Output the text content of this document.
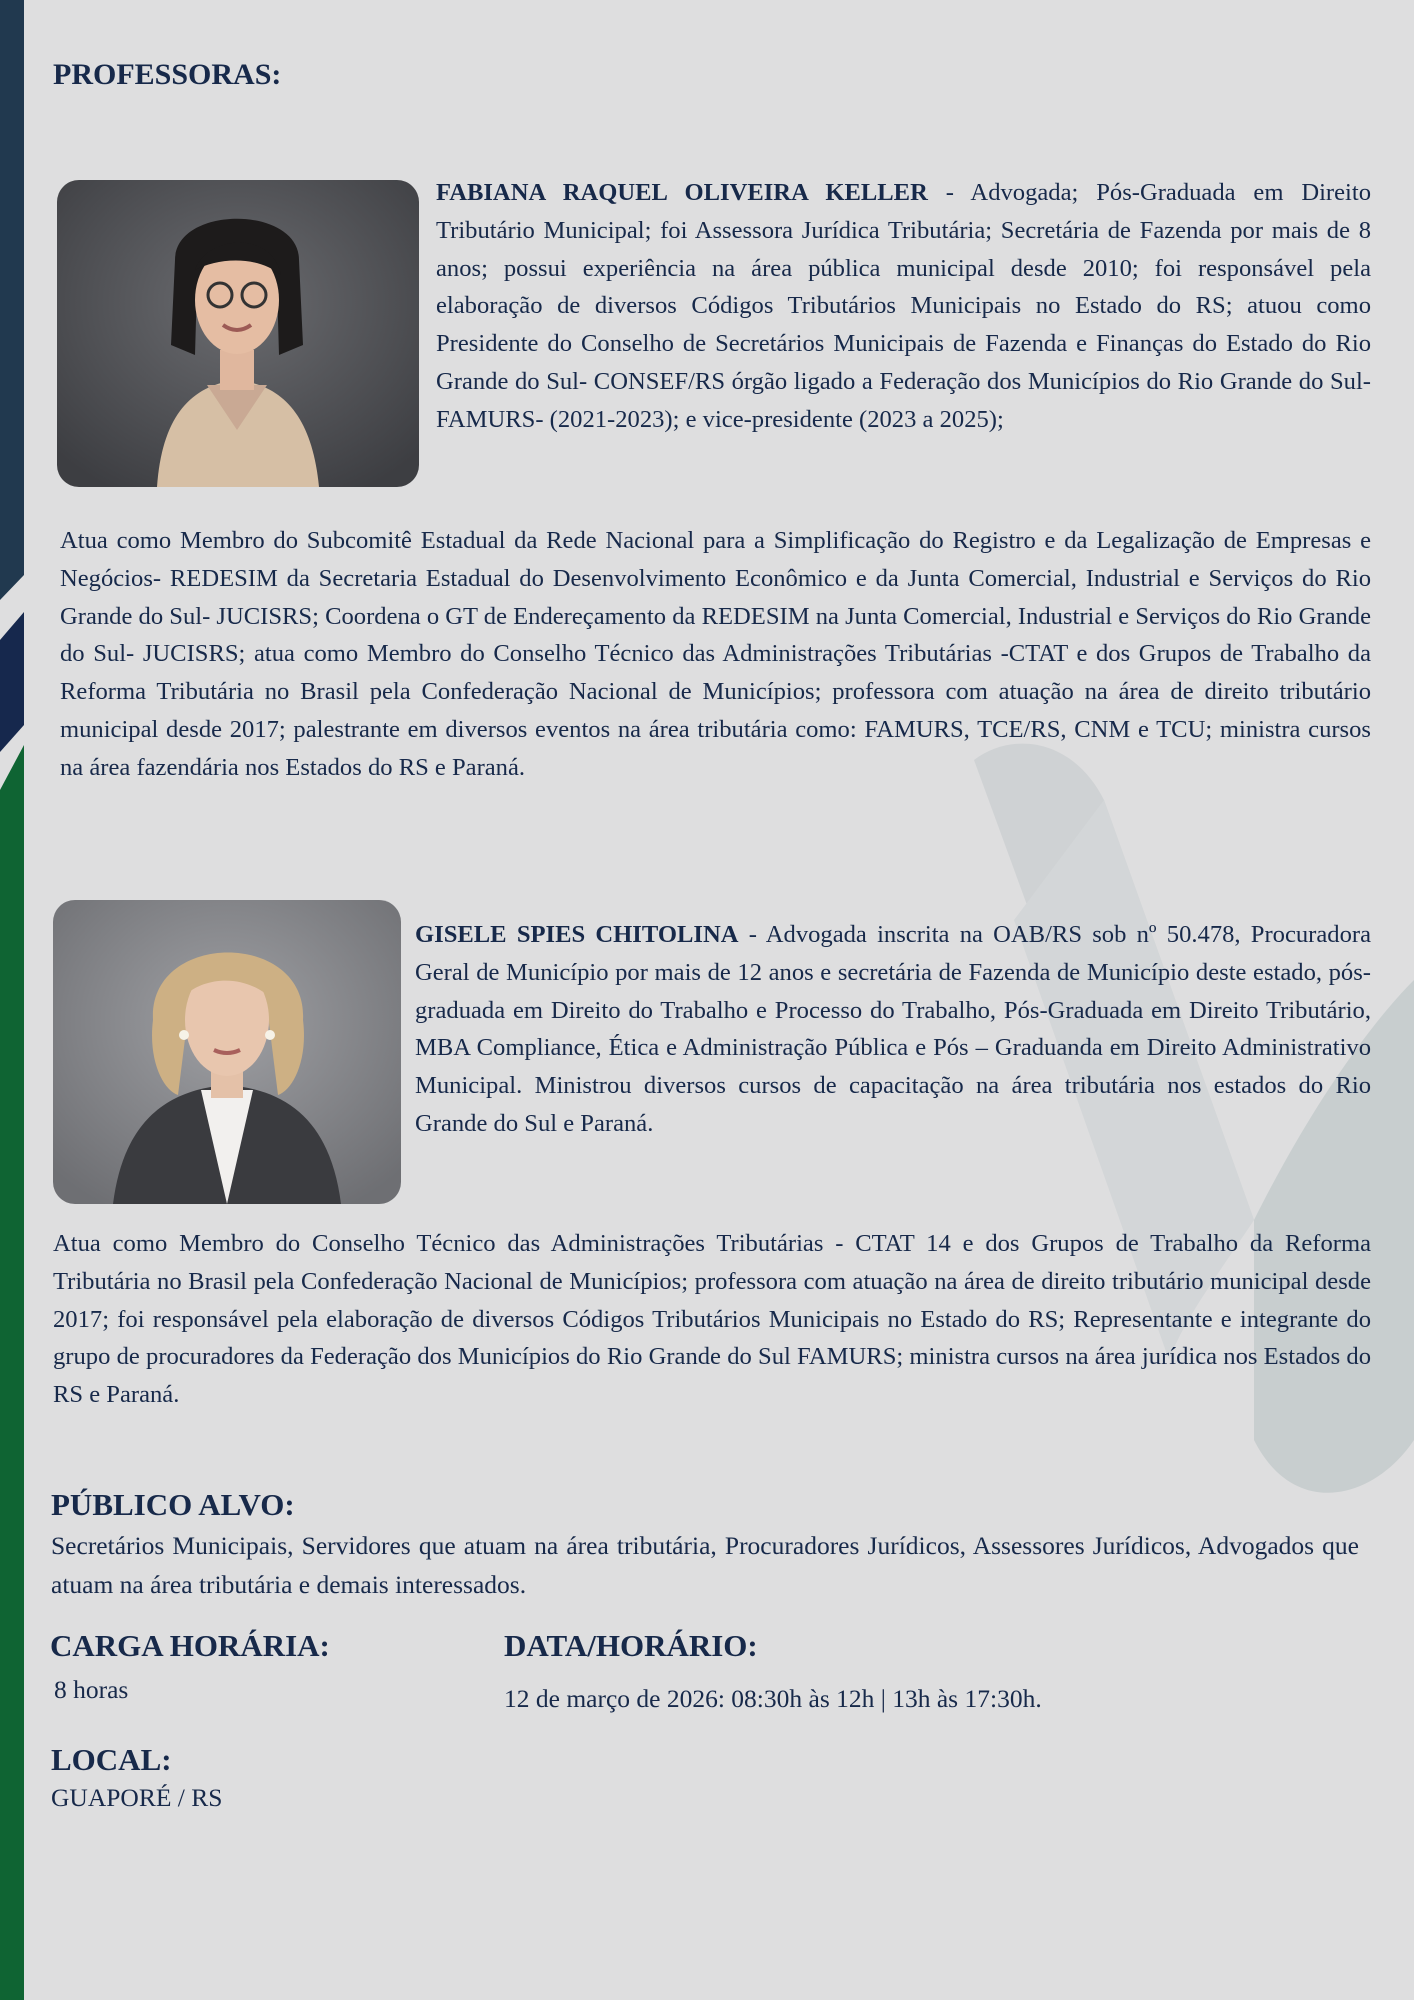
PROFESSORAS:

FABIANA RAQUEL OLIVEIRA KELLER - Advogada; Pós-Graduada em Direito Tributário Municipal; foi Assessora Jurídica Tributária; Secretária de Fazenda por mais de 8 anos; possui experiência na área pública municipal desde 2010; foi responsável pela elaboração de diversos Códigos Tributários Municipais no Estado do RS; atuou como Presidente do Conselho de Secretários Municipais de Fazenda e Finanças do Estado do Rio Grande do Sul- CONSEF/RS órgão ligado a Federação dos Municípios do Rio Grande do Sul- FAMURS- (2021-2023); e vice-presidente (2023 a 2025);

Atua como Membro do Subcomitê Estadual da Rede Nacional para a Simplificação do Registro e da Legalização de Empresas e Negócios- REDESIM da Secretaria Estadual do Desenvolvimento Econômico e da Junta Comercial, Industrial e Serviços do Rio Grande do Sul- JUCISRS; Coordena o GT de Endereçamento da REDESIM na Junta Comercial, Industrial e Serviços do Rio Grande do Sul- JUCISRS; atua como Membro do Conselho Técnico das Administrações Tributárias -CTAT e dos Grupos de Trabalho da Reforma Tributária no Brasil pela Confederação Nacional de Municípios; professora com atuação na área de direito tributário municipal desde 2017; palestrante em diversos eventos na área tributária como: FAMURS, TCE/RS, CNM e TCU; ministra cursos na área fazendária nos Estados do RS e Paraná.

GISELE SPIES CHITOLINA - Advogada inscrita na OAB/RS sob nº 50.478, Procuradora Geral de Município por mais de 12 anos e secretária de Fazenda de Município deste estado, pós-graduada em Direito do Trabalho e Processo do Trabalho, Pós-Graduada em Direito Tributário, MBA Compliance, Ética e Administração Pública e Pós – Graduanda em Direito Administrativo Municipal. Ministrou diversos cursos de capacitação na área tributária nos estados do Rio Grande do Sul e Paraná.

Atua como Membro do Conselho Técnico das Administrações Tributárias - CTAT 14 e dos Grupos de Trabalho da Reforma Tributária no Brasil pela Confederação Nacional de Municípios; professora com atuação na área de direito tributário municipal desde 2017; foi responsável pela elaboração de diversos Códigos Tributários Municipais no Estado do RS; Representante e integrante do grupo de procuradores da Federação dos Municípios do Rio Grande do Sul FAMURS; ministra cursos na área jurídica nos Estados do RS e Paraná.

PÚBLICO ALVO:

Secretários Municipais, Servidores que atuam na área tributária, Procuradores Jurídicos, Assessores Jurídicos, Advogados que atuam na área tributária e demais interessados.

CARGA HORÁRIA:

8 horas

DATA/HORÁRIO:

12 de março de 2026: 08:30h às 12h | 13h às 17:30h.

LOCAL:

GUAPORÉ / RS
